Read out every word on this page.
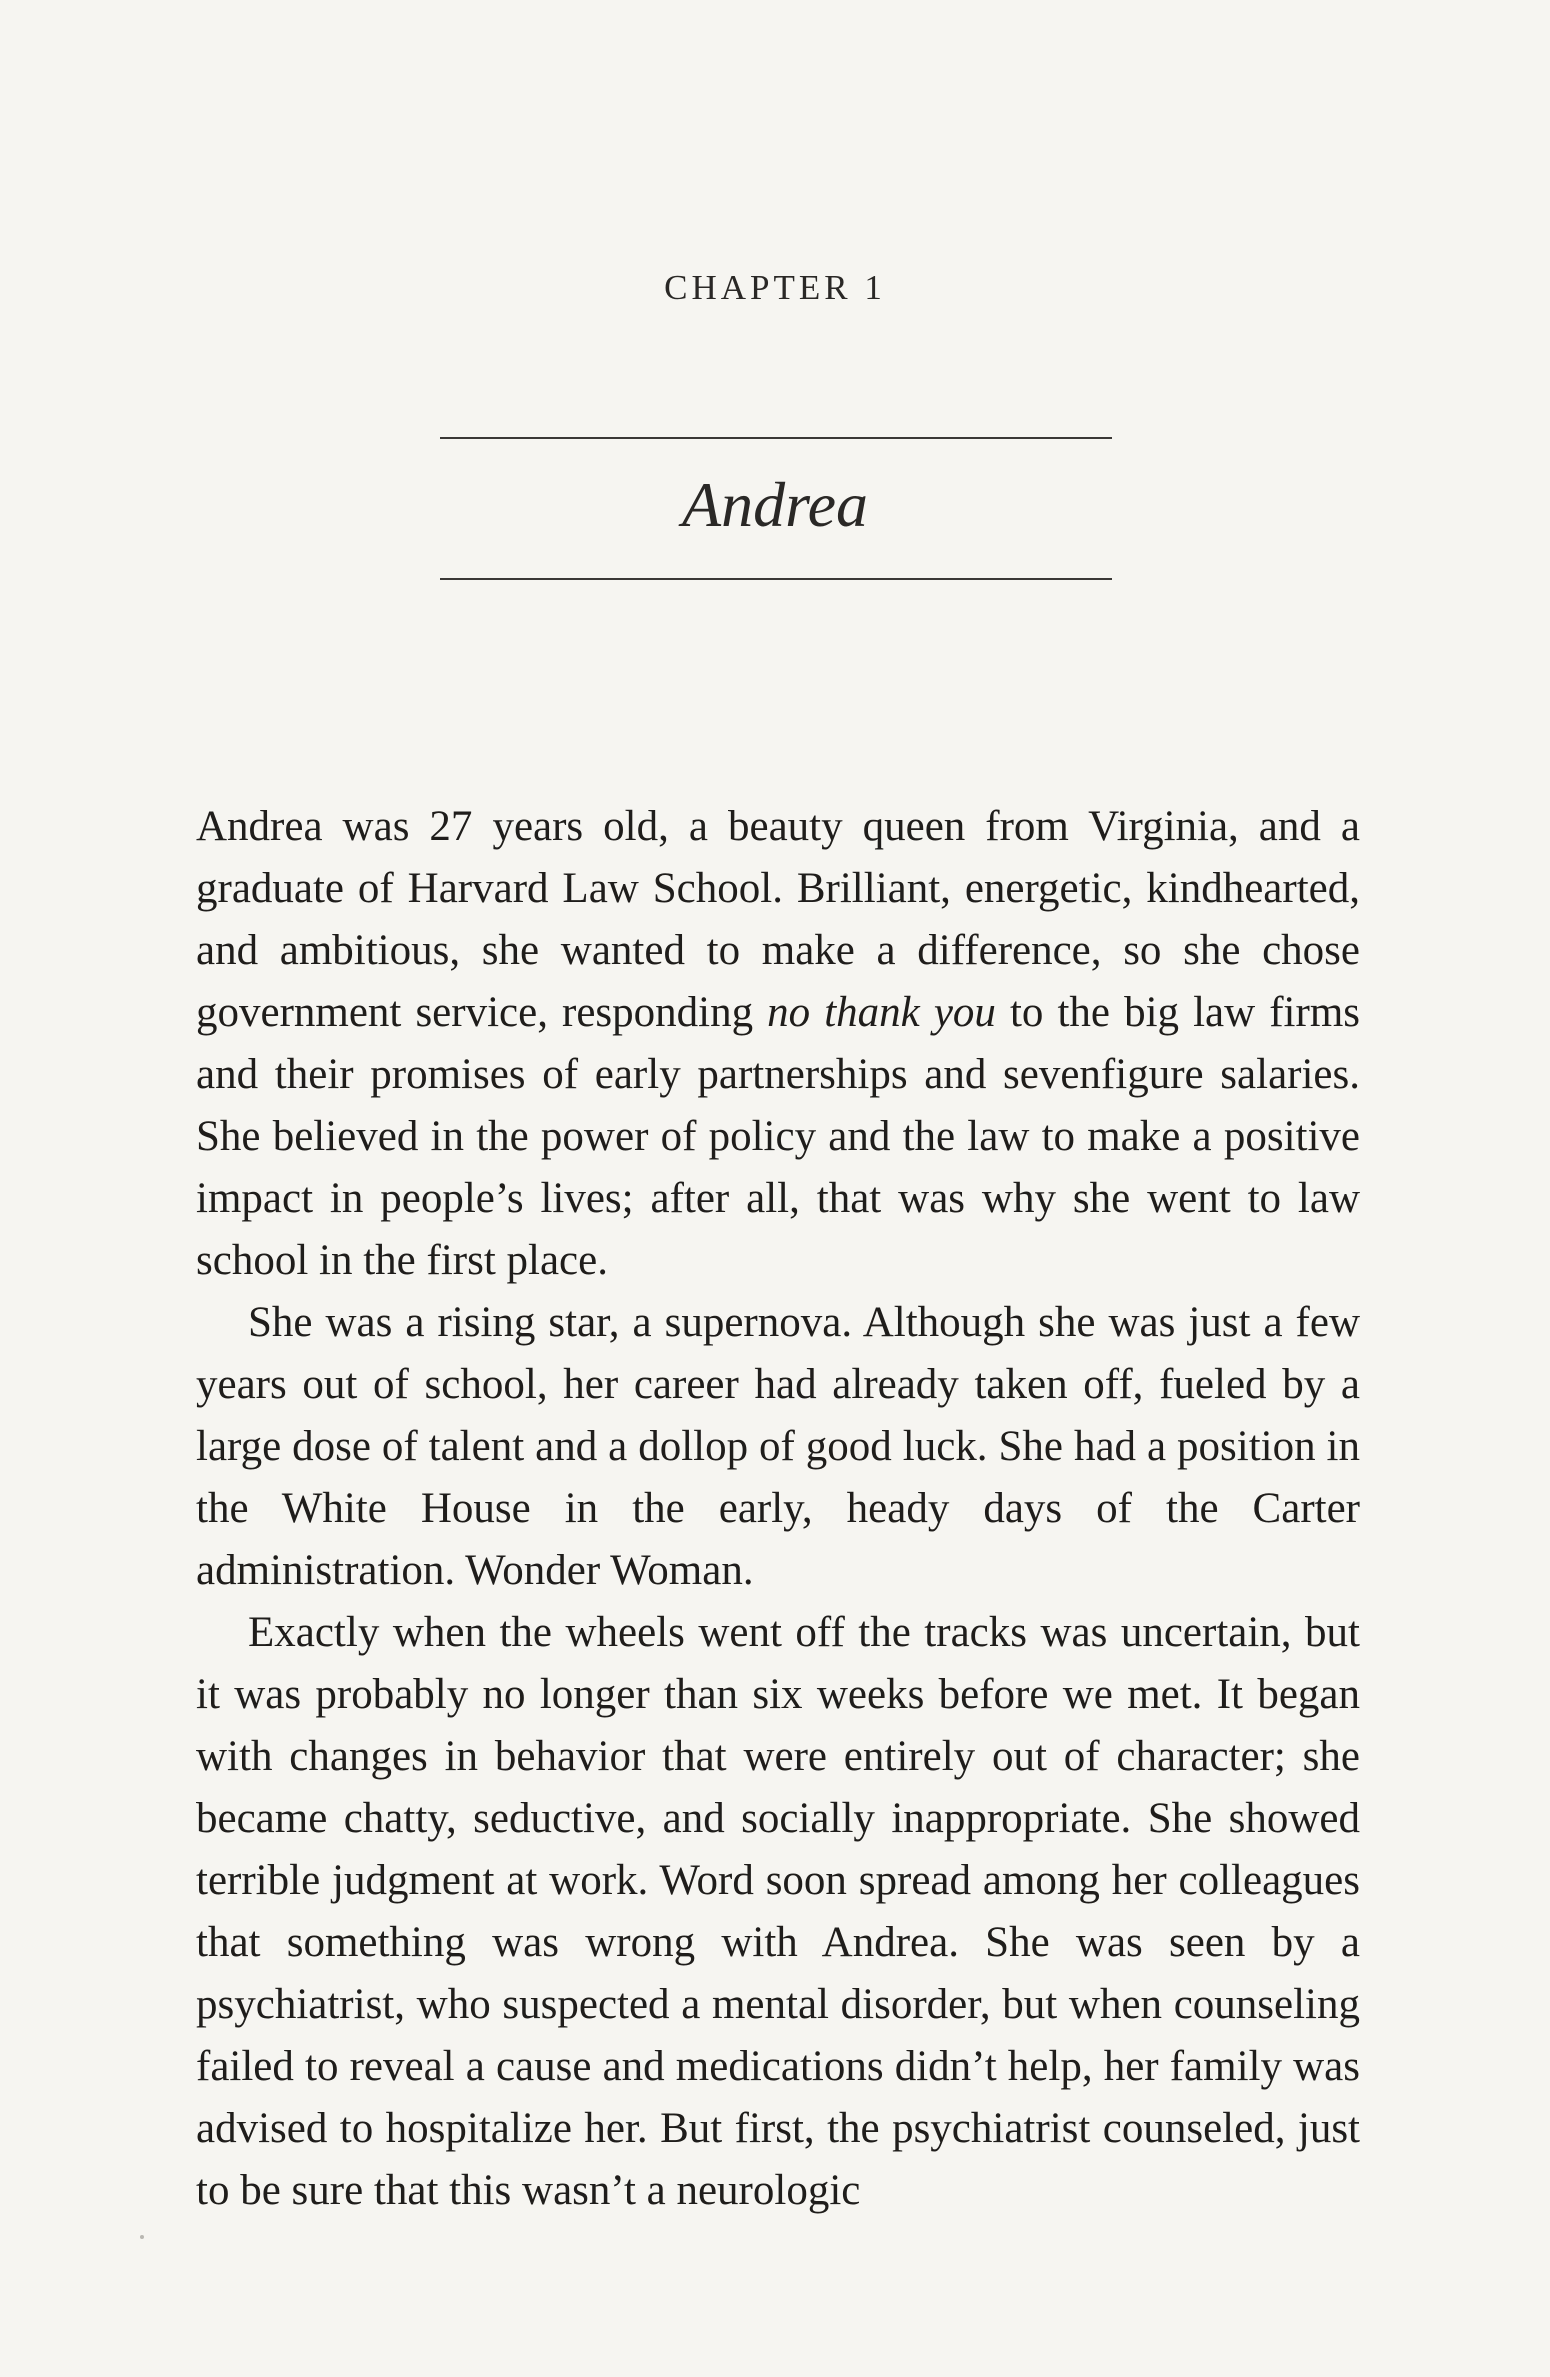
CHAPTER 1
Andrea

Andrea was 27 years old, a beauty queen from Virginia, and a graduate of Harvard Law School. Brilliant, energetic, kindhearted, and ambitious, she wanted to make a difference, so she chose government service, responding no thank you to the big law firms and their promises of early partnerships and sevenfigure salaries. She believed in the power of policy and the law to make a positive impact in people’s lives; after all, that was why she went to law school in the first place.

She was a rising star, a supernova. Although she was just a few years out of school, her career had already taken off, fueled by a large dose of talent and a dollop of good luck. She had a position in the White House in the early, heady days of the Carter administration. Wonder Woman.

Exactly when the wheels went off the tracks was uncertain, but it was probably no longer than six weeks before we met. It began with changes in behavior that were entirely out of character; she became chatty, seductive, and socially inappropriate. She showed terrible judgment at work. Word soon spread among her colleagues that something was wrong with Andrea. She was seen by a psychiatrist, who suspected a mental disorder, but when counseling failed to reveal a cause and medications didn’t help, her family was advised to hospitalize her. But first, the psychiatrist counseled, just to be sure that this wasn’t a neurologic
